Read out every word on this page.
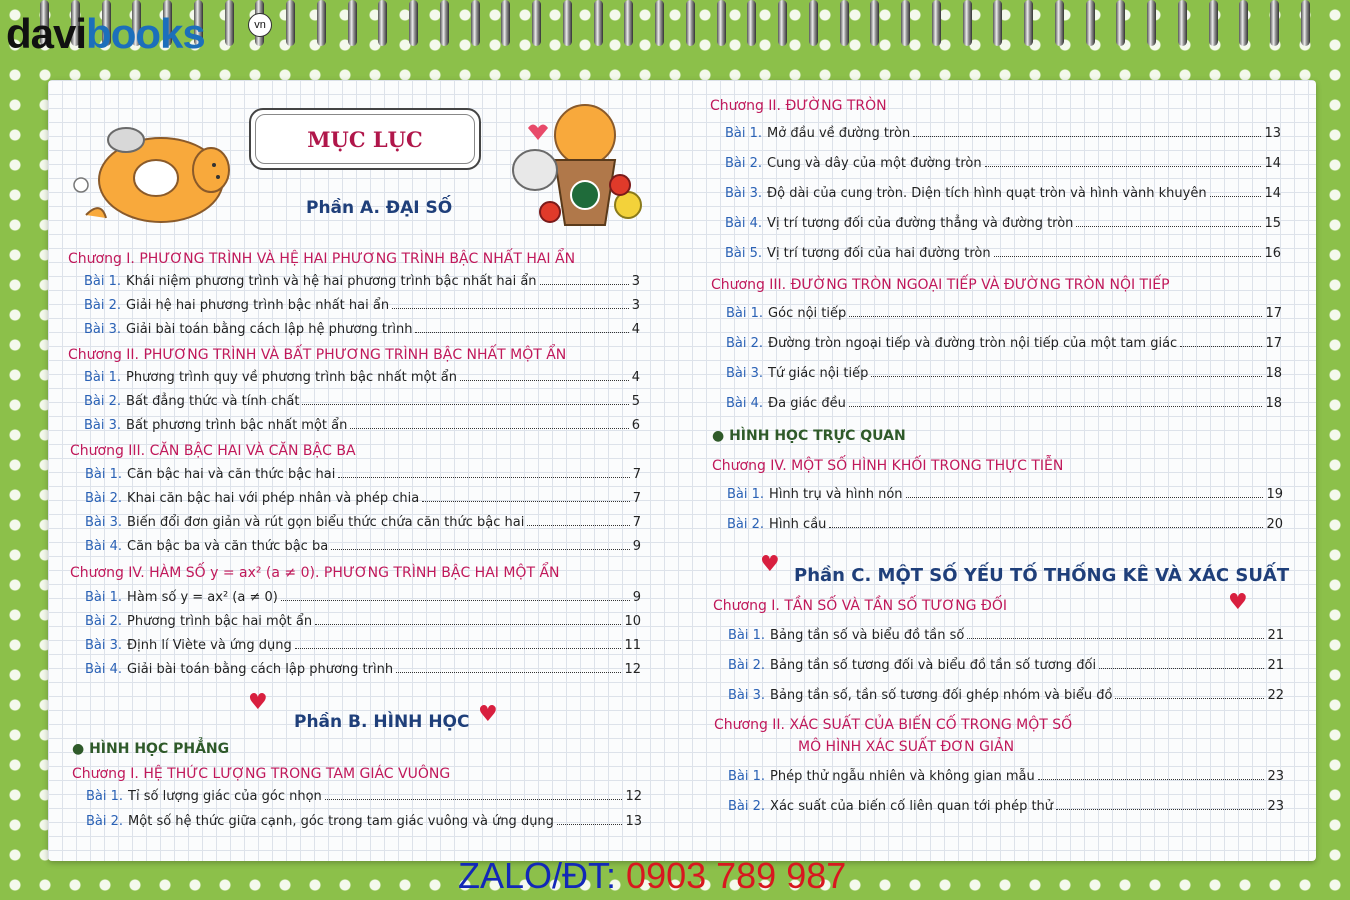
davibooks	vn
MỤC LỤC
Phần A. ĐẠI SỐ
Chương I. PHƯƠNG TRÌNH VÀ HỆ HAI PHƯƠNG TRÌNH BẬC NHẤT HAI ẨN
Bài 1. Khái niệm phương trình và hệ hai phương trình bậc nhất hai ẩn	3
Bài 2. Giải hệ hai phương trình bậc nhất hai ẩn	3
Bài 3. Giải bài toán bằng cách lập hệ phương trình	4
Chương II. PHƯƠNG TRÌNH VÀ BẤT PHƯƠNG TRÌNH BẬC NHẤT MỘT ẨN
Bài 1. Phương trình quy về phương trình bậc nhất một ẩn	4
Bài 2. Bất đẳng thức và tính chất	5
Bài 3. Bất phương trình bậc nhất một ẩn	6
Chương III. CĂN BẬC HAI VÀ CĂN BẬC BA
Bài 1. Căn bậc hai và căn thức bậc hai	7
Bài 2. Khai căn bậc hai với phép nhân và phép chia	7
Bài 3. Biến đổi đơn giản và rút gọn biểu thức chứa căn thức bậc hai	7
Bài 4. Căn bậc ba và căn thức bậc ba	9
Chương IV. HÀM SỐ y = ax² (a ≠ 0). PHƯƠNG TRÌNH BẬC HAI MỘT ẨN
Bài 1. Hàm số y = ax² (a ≠ 0)	9
Bài 2. Phương trình bậc hai một ẩn	10
Bài 3. Định lí Viète và ứng dụng	11
Bài 4. Giải bài toán bằng cách lập phương trình	12
♥
Phần B. HÌNH HỌC ♥
● HÌNH HỌC PHẲNG
Chương I. HỆ THỨC LƯỢNG TRONG TAM GIÁC VUÔNG
Bài 1. Tỉ số lượng giác của góc nhọn	12
Bài 2. Một số hệ thức giữa cạnh, góc trong tam giác vuông và ứng dụng	13
Chương II. ĐƯỜNG TRÒN
Bài 1. Mở đầu về đường tròn	13
Bài 2. Cung và dây của một đường tròn	14
Bài 3. Độ dài của cung tròn. Diện tích hình quạt tròn và hình vành khuyên	14
Bài 4. Vị trí tương đối của đường thẳng và đường tròn	15
Bài 5. Vị trí tương đối của hai đường tròn	16
Chương III. ĐƯỜNG TRÒN NGOẠI TIẾP VÀ ĐƯỜNG TRÒN NỘI TIẾP
Bài 1. Góc nội tiếp	17
Bài 2. Đường tròn ngoại tiếp và đường tròn nội tiếp của một tam giác	17
Bài 3. Tứ giác nội tiếp	18
Bài 4. Đa giác đều	18
● HÌNH HỌC TRỰC QUAN
Chương IV. MỘT SỐ HÌNH KHỐI TRONG THỰC TIỄN
Bài 1. Hình trụ và hình nón	19
Bài 2. Hình cầu	20
♥ Phần C. MỘT SỐ YẾU TỐ THỐNG KÊ VÀ XÁC SUẤT
Chương I. TẦN SỐ VÀ TẦN SỐ TƯƠNG ĐỐI	♥
Bài 1. Bảng tần số và biểu đồ tần số	21
Bài 2. Bảng tần số tương đối và biểu đồ tần số tương đối	21
Bài 3. Bảng tần số, tần số tương đối ghép nhóm và biểu đồ	22
Chương II. XÁC SUẤT CỦA BIẾN CỐ TRONG MỘT SỐ
MÔ HÌNH XÁC SUẤT ĐƠN GIẢN
Bài 1. Phép thử ngẫu nhiên và không gian mẫu	23
Bài 2. Xác suất của biến cố liên quan tới phép thử	23
ZALO/ĐT: 0903 789 987
